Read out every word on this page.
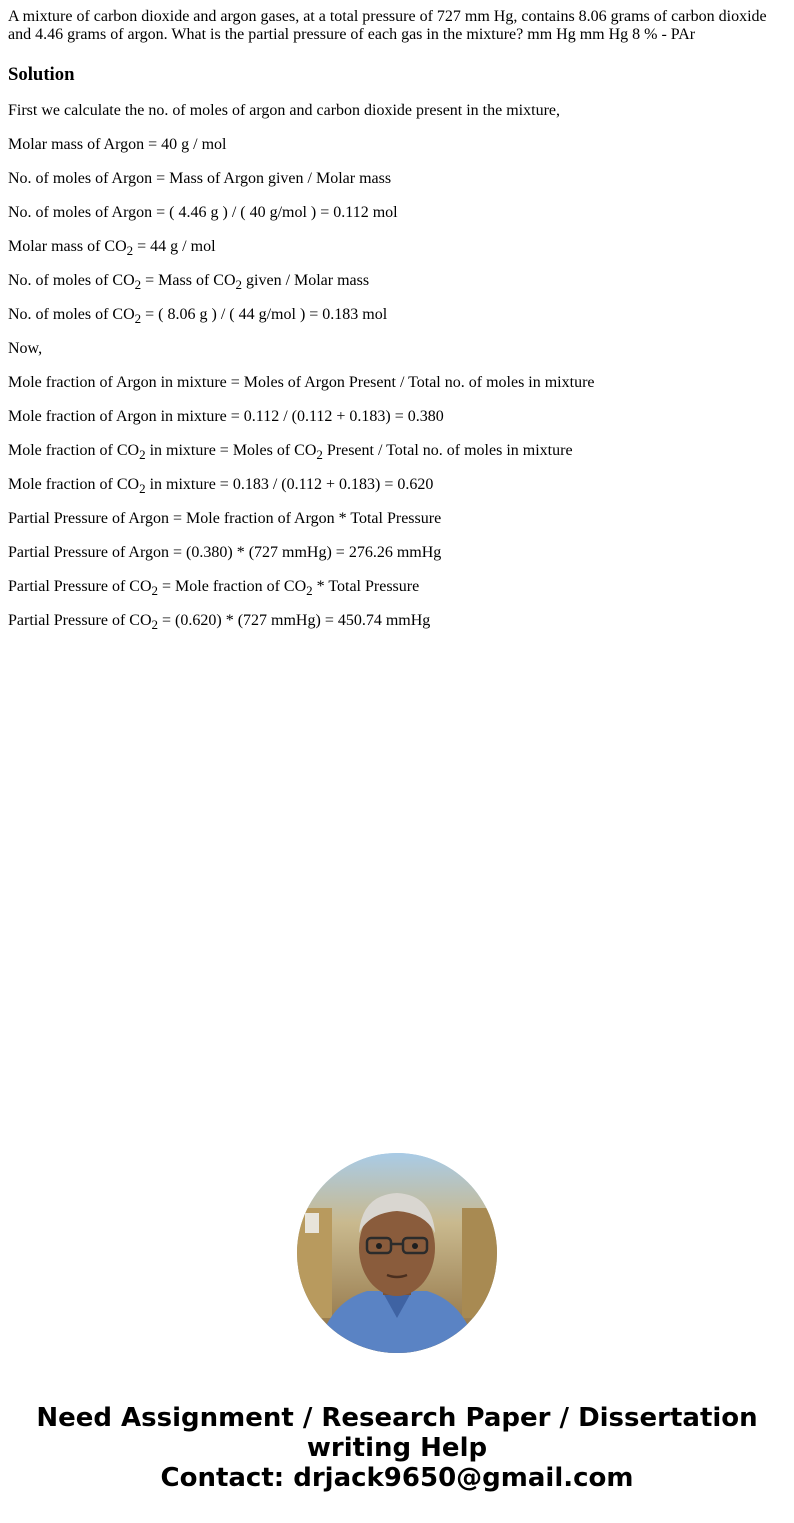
A mixture of carbon dioxide and argon gases, at a total pressure of 727 mm Hg, contains 8.06 grams of carbon dioxide and 4.46 grams of argon. What is the partial pressure of each gas in the mixture? mm Hg mm Hg 8 % - PAr

Solution

First we calculate the no. of moles of argon and carbon dioxide present in the mixture,

Molar mass of Argon = 40 g / mol

No. of moles of Argon = Mass of Argon given / Molar mass

No. of moles of Argon = ( 4.46 g ) / ( 40 g/mol ) = 0.112 mol

Molar mass of $CO_2 = 44$ g / mol

No. of moles of $CO_2$ = Mass of $CO_2$ given / Molar mass

No. of moles of $CO_2$ = ( 8.06 g ) / ( 44 g/mol ) = 0.183 mol

Now,

Mole fraction of Argon in mixture = Moles of Argon Present / Total no. of moles in mixture

Mole fraction of Argon in mixture = 0.112 / (0.112 + 0.183) = 0.380

Mole fraction of $CO_2$ in mixture = Moles of $CO_2$ Present / Total no. of moles in mixture

Mole fraction of $CO_2$ in mixture = 0.183 / (0.112 + 0.183) = 0.620

Partial Pressure of Argon = Mole fraction of Argon * Total Pressure

Partial Pressure of Argon = (0.380) * (727 mmHg) = 276.26 mmHg

Partial Pressure of $CO_2$ = Mole fraction of $CO_2$ * Total Pressure

Partial Pressure of $CO_2 = (0.620) * (727$ mmHg) = 450.74 mmHg

Need Assignment / Research Paper / Dissertation
writing Help
Contact: drjack9650@gmail.com
